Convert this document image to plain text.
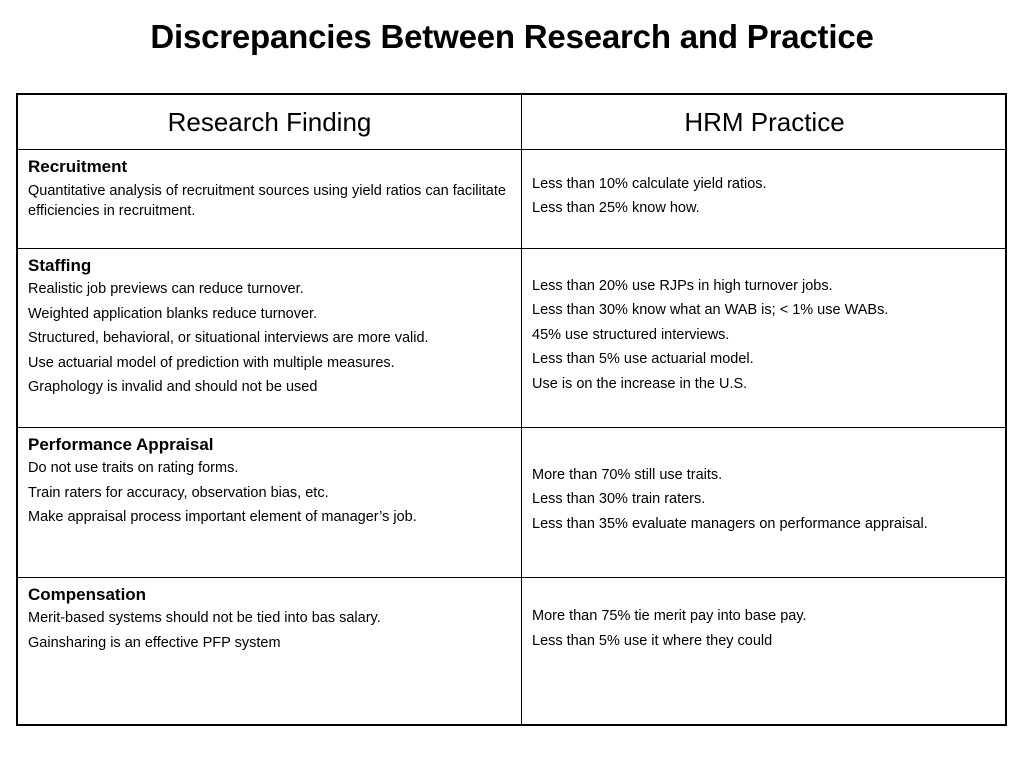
Discrepancies Between Research and Practice
Research Finding	HRM Practice
Recruitment
Quantitative analysis of recruitment sources using yield ratios can facilitate efficiencies in recruitment.
Less than 10% calculate yield ratios.
Less than 25% know how.
Staffing
Realistic job previews can reduce turnover.
Weighted application blanks reduce turnover.
Structured, behavioral, or situational interviews are more valid.
Use actuarial model of prediction with multiple measures.
Graphology is invalid and should not be used
Less than 20% use RJPs in high turnover jobs.
Less than 30% know what an WAB is; < 1% use WABs.
45% use structured interviews.
Less than 5% use actuarial model.
Use is on the increase in the U.S.
Performance Appraisal
Do not use traits on rating forms.
Train raters for accuracy, observation bias, etc.
Make appraisal process important element of manager’s job.
More than 70% still use traits.
Less than 30% train raters.
Less than 35% evaluate managers on performance appraisal.
Compensation
Merit-based systems should not be tied into bas salary.
Gainsharing is an effective PFP system
More than 75% tie merit pay into base pay.
Less than 5% use it where they could
